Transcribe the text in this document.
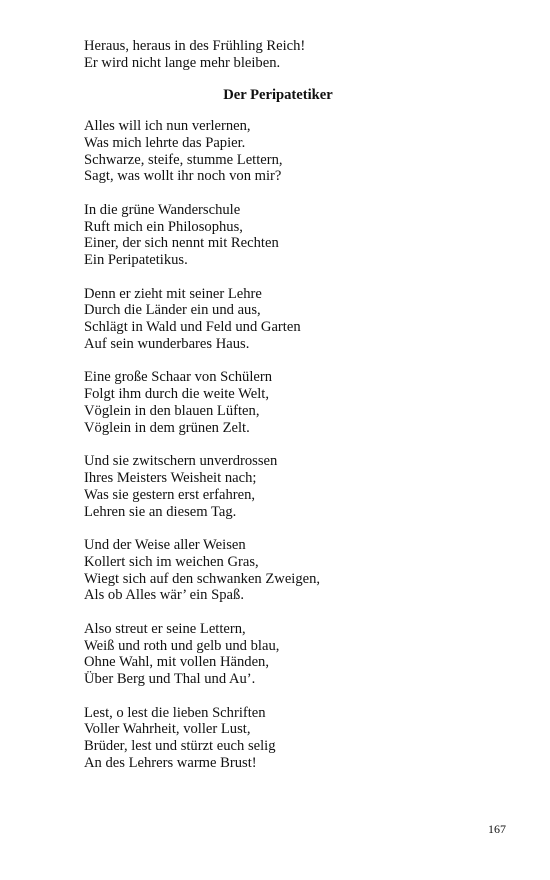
Heraus, heraus in des Frühling Reich!
Er wird nicht lange mehr bleiben.
Der Peripatetiker
Alles will ich nun verlernen,
Was mich lehrte das Papier.
Schwarze, steife, stumme Lettern,
Sagt, was wollt ihr noch von mir?
In die grüne Wanderschule
Ruft mich ein Philosophus,
Einer, der sich nennt mit Rechten
Ein Peripatetikus.
Denn er zieht mit seiner Lehre
Durch die Länder ein und aus,
Schlägt in Wald und Feld und Garten
Auf sein wunderbares Haus.
Eine große Schaar von Schülern
Folgt ihm durch die weite Welt,
Vöglein in den blauen Lüften,
Vöglein in dem grünen Zelt.
Und sie zwitschern unverdrossen
Ihres Meisters Weisheit nach;
Was sie gestern erst erfahren,
Lehren sie an diesem Tag.
Und der Weise aller Weisen
Kollert sich im weichen Gras,
Wiegt sich auf den schwanken Zweigen,
Als ob Alles wär’ ein Spaß.
Also streut er seine Lettern,
Weiß und roth und gelb und blau,
Ohne Wahl, mit vollen Händen,
Über Berg und Thal und Au’.
Lest, o lest die lieben Schriften
Voller Wahrheit, voller Lust,
Brüder, lest und stürzt euch selig
An des Lehrers warme Brust!
167
